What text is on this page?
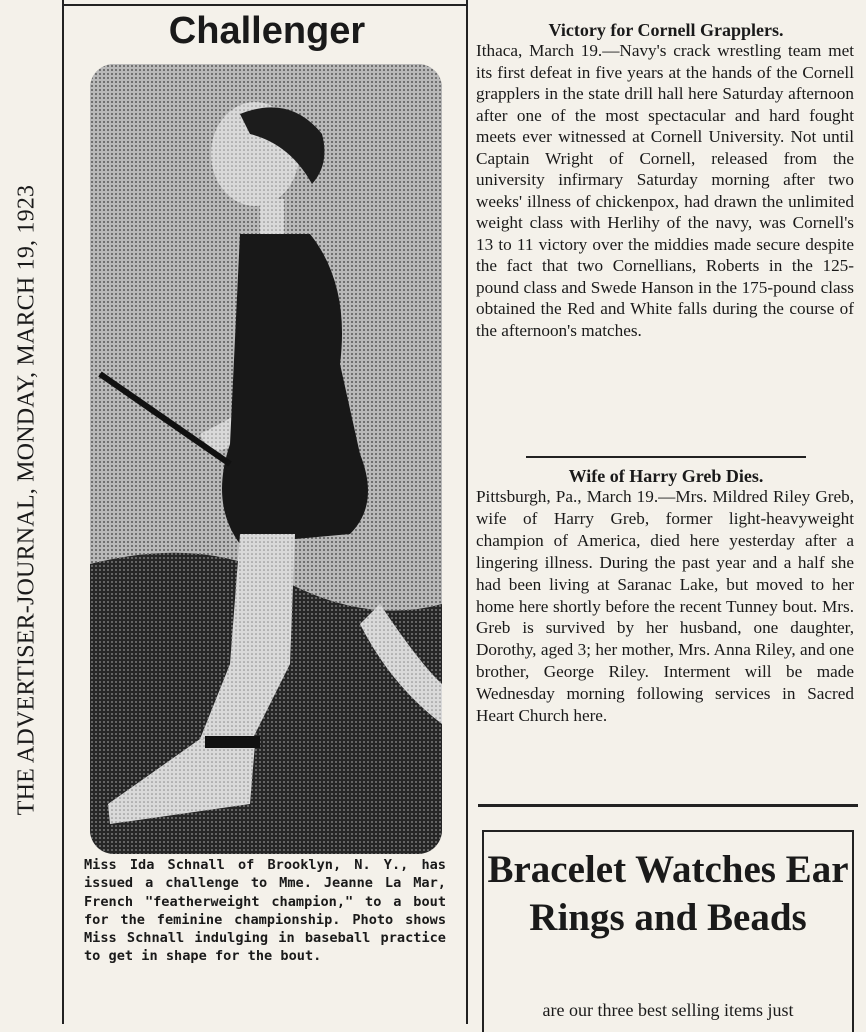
THE ADVERTISER-JOURNAL, MONDAY, MARCH 19, 1923
Challenger
Miss Ida Schnall of Brooklyn, N. Y., has issued a challenge to Mme. Jeanne La Mar, French "featherweight champion," to a bout for the feminine championship. Photo shows Miss Schnall indulging in baseball practice to get in shape for the bout.
Victory for Cornell Grapplers.
Ithaca, March 19.—Navy's crack wrestling team met its first defeat in five years at the hands of the Cornell grapplers in the state drill hall here Saturday afternoon after one of the most spectacular and hard fought meets ever witnessed at Cornell University. Not until Captain Wright of Cornell, released from the university infirmary Saturday morning after two weeks' illness of chickenpox, had drawn the unlimited weight class with Herlihy of the navy, was Cornell's 13 to 11 victory over the middies made secure despite the fact that two Cornellians, Roberts in the 125-pound class and Swede Hanson in the 175-pound class obtained the Red and White falls during the course of the afternoon's matches.
Wife of Harry Greb Dies.
Pittsburgh, Pa., March 19.—Mrs. Mildred Riley Greb, wife of Harry Greb, former light-heavyweight champion of America, died here yesterday after a lingering illness. During the past year and a half she had been living at Saranac Lake, but moved to her home here shortly before the recent Tunney bout. Mrs. Greb is survived by her husband, one daughter, Dorothy, aged 3; her mother, Mrs. Anna Riley, and one brother, George Riley. Interment will be made Wednesday morning following services in Sacred Heart Church here.
Bracelet Watches Ear Rings and Beads
are our three best selling items just
